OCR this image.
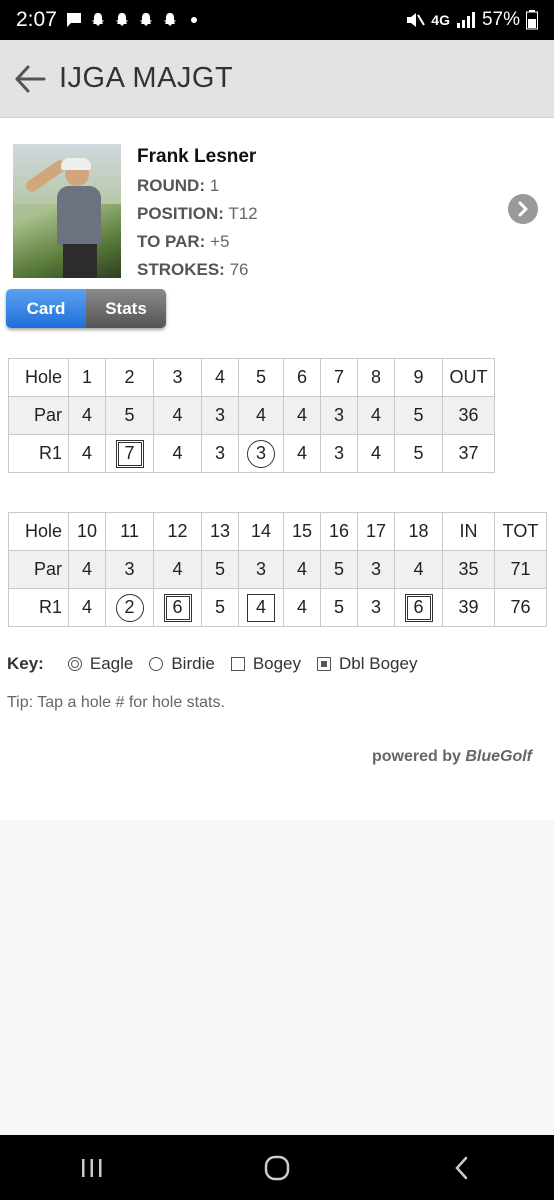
2:07	4G 57%
IJGA MAJGT
Frank Lesner
ROUND: 1
POSITION: T12
TO PAR: +5
STROKES: 76
Card	Stats
Hole	1	2	3	4	5	6	7	8	9	OUT
Par	4	5	4	3	4	4	3	4	5	36
R1	4	7	4	3	3	4	3	4	5	37
Hole	10	11	12	13	14	15	16	17	18	IN	TOT
Par	4	3	4	5	3	4	5	3	4	35	71
R1	4	2	6	5	4	4	5	3	6	39	76
Key:	Eagle Birdie Bogey Dbl Bogey
Tip: Tap a hole # for hole stats.
powered by BlueGolf
